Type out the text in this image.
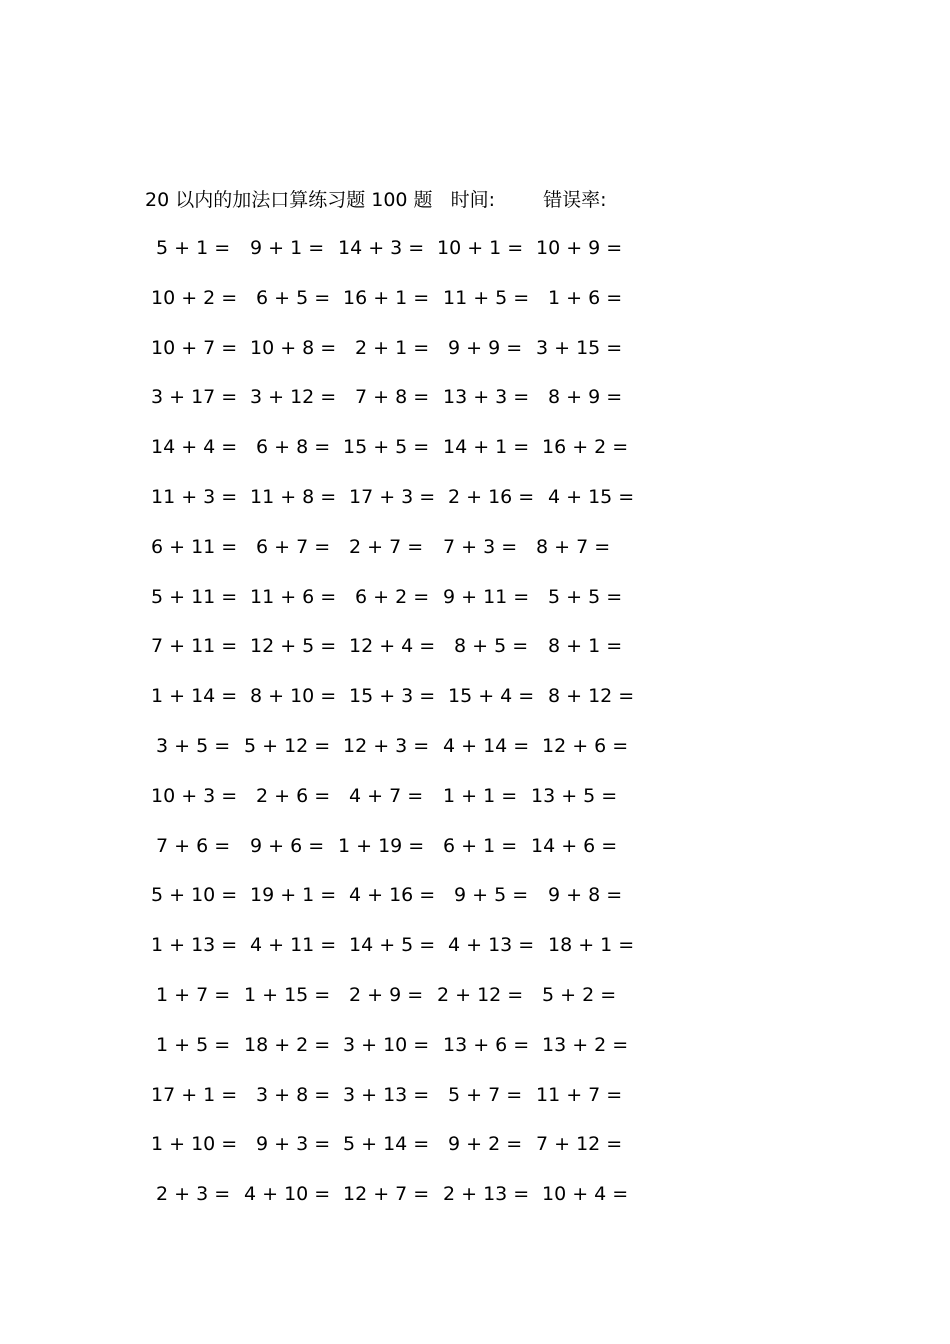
20 以内的加法口算练习题 100 题 时间:	错误率:
5 + 1 = 9 + 1 = 14 + 3 = 10 + 1 = 10 + 9 =
10 + 2 = 6 + 5 = 16 + 1 = 11 + 5 = 1 + 6 =
10 + 7 = 10 + 8 = 2 + 1 = 9 + 9 = 3 + 15 =
3 + 17 = 3 + 12 = 7 + 8 = 13 + 3 = 8 + 9 =
14 + 4 = 6 + 8 = 15 + 5 = 14 + 1 = 16 + 2 =
11 + 3 = 11 + 8 = 17 + 3 = 2 + 16 = 4 + 15 =
6 + 11 = 6 + 7 = 2 + 7 = 7 + 3 = 8 + 7 =
5 + 11 = 11 + 6 = 6 + 2 = 9 + 11 = 5 + 5 =
7 + 11 = 12 + 5 = 12 + 4 = 8 + 5 = 8 + 1 =
1 + 14 = 8 + 10 = 15 + 3 = 15 + 4 = 8 + 12 =
3 + 5 = 5 + 12 = 12 + 3 = 4 + 14 = 12 + 6 =
10 + 3 = 2 + 6 = 4 + 7 = 1 + 1 = 13 + 5 =
7 + 6 = 9 + 6 = 1 + 19 = 6 + 1 = 14 + 6 =
5 + 10 = 19 + 1 = 4 + 16 = 9 + 5 = 9 + 8 =
1 + 13 = 4 + 11 = 14 + 5 = 4 + 13 = 18 + 1 =
1 + 7 = 1 + 15 = 2 + 9 = 2 + 12 = 5 + 2 =
1 + 5 = 18 + 2 = 3 + 10 = 13 + 6 = 13 + 2 =
17 + 1 = 3 + 8 = 3 + 13 = 5 + 7 = 11 + 7 =
1 + 10 = 9 + 3 = 5 + 14 = 9 + 2 = 7 + 12 =
2 + 3 = 4 + 10 = 12 + 7 = 2 + 13 = 10 + 4 =
